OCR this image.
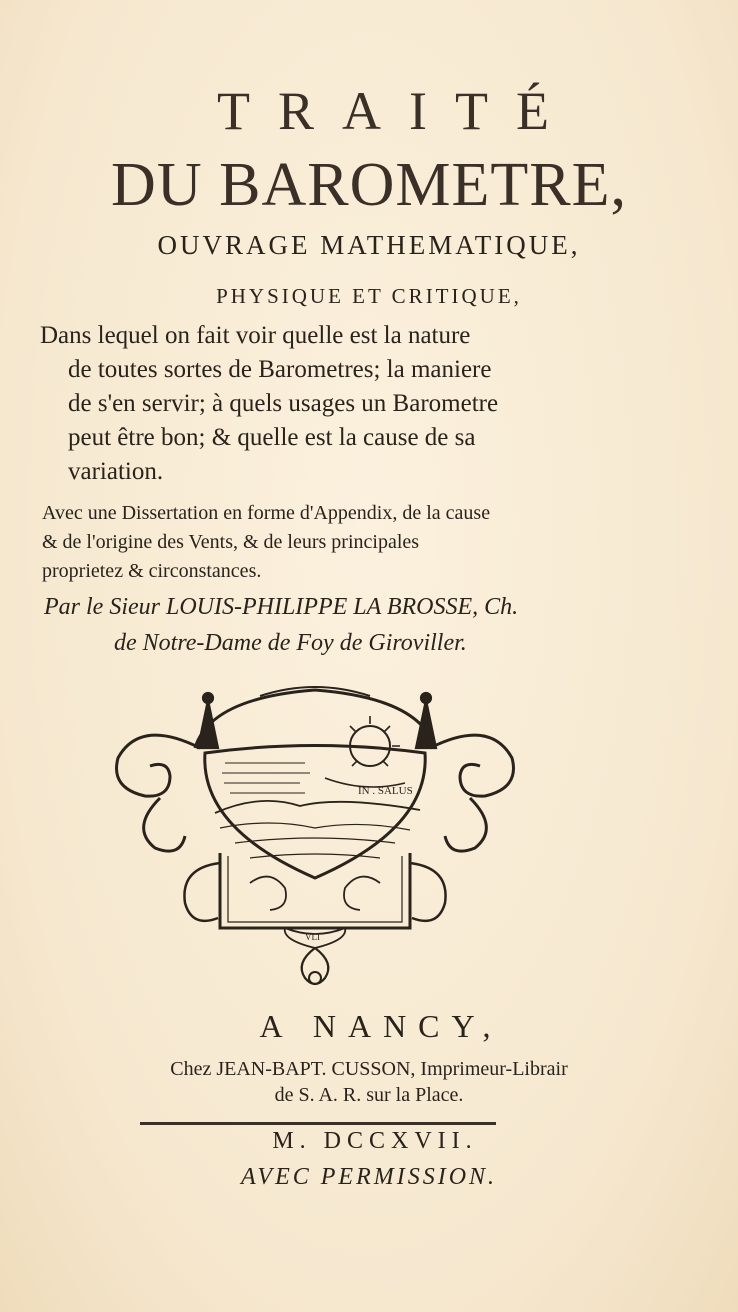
TRAITÉ
DU BAROMETRE,
OUVRAGE MATHEMATIQUE,
PHYSIQUE ET CRITIQUE,
Dans lequel on fait voir quelle est la nature
de toutes sortes de Barometres; la maniere
de s'en servir; à quels usages un Barometre
peut être bon; & quelle est la cause de sa
variation.
Avec une Dissertation en forme d'Appendix, de la cause
& de l'origine des Vents, & de leurs principales
proprietez & circonstances.
Par le Sieur LOUIS-PHILIPPE LA BROSSE, Ch.
de Notre-Dame de Foy de Giroviller.
IN . SALUS
VLI
A NANCY,
Chez JEAN-BAPT. CUSSON, Imprimeur-Librair
de S. A. R. sur la Place.
M. DCCXVII.
AVEC PERMISSION.
